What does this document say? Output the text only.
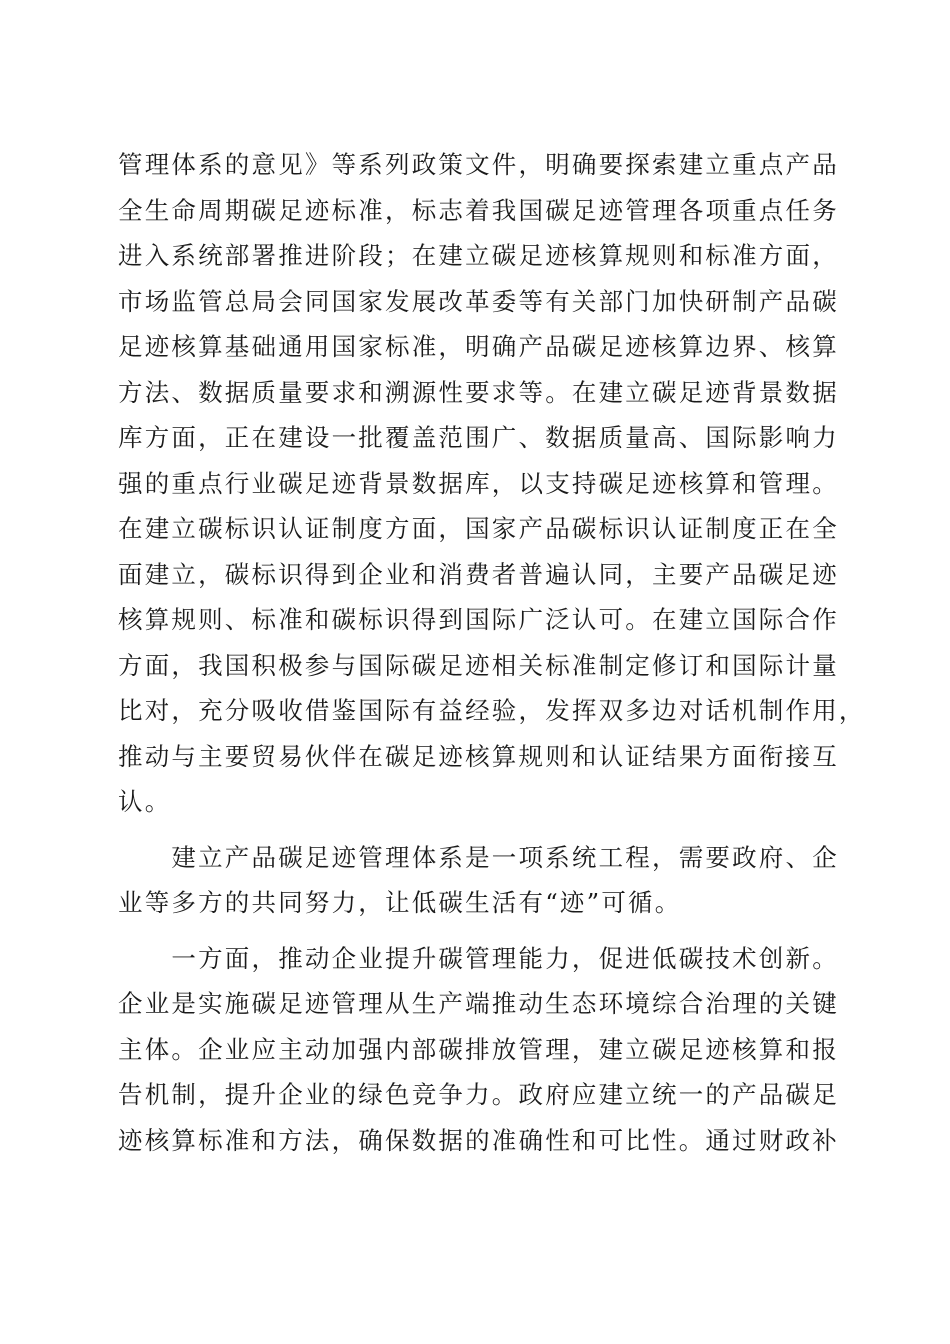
管理体系的意见》等系列政策文件，明确要探索建立重点产品
全生命周期碳足迹标准，标志着我国碳足迹管理各项重点任务
进入系统部署推进阶段；在建立碳足迹核算规则和标准方面，
市场监管总局会同国家发展改革委等有关部门加快研制产品碳
足迹核算基础通用国家标准，明确产品碳足迹核算边界、核算
方法、数据质量要求和溯源性要求等。在建立碳足迹背景数据
库方面，正在建设一批覆盖范围广、数据质量高、国际影响力
强的重点行业碳足迹背景数据库，以支持碳足迹核算和管理。
在建立碳标识认证制度方面，国家产品碳标识认证制度正在全
面建立，碳标识得到企业和消费者普遍认同，主要产品碳足迹
核算规则、标准和碳标识得到国际广泛认可。在建立国际合作
方面，我国积极参与国际碳足迹相关标准制定修订和国际计量
比对，充分吸收借鉴国际有益经验，发挥双多边对话机制作用，
推动与主要贸易伙伴在碳足迹核算规则和认证结果方面衔接互
认。
　　建立产品碳足迹管理体系是一项系统工程，需要政府、企
业等多方的共同努力，让低碳生活有“迹”可循。
　　一方面，推动企业提升碳管理能力，促进低碳技术创新。
企业是实施碳足迹管理从生产端推动生态环境综合治理的关键
主体。企业应主动加强内部碳排放管理，建立碳足迹核算和报
告机制，提升企业的绿色竞争力。政府应建立统一的产品碳足
迹核算标准和方法，确保数据的准确性和可比性。通过财政补
